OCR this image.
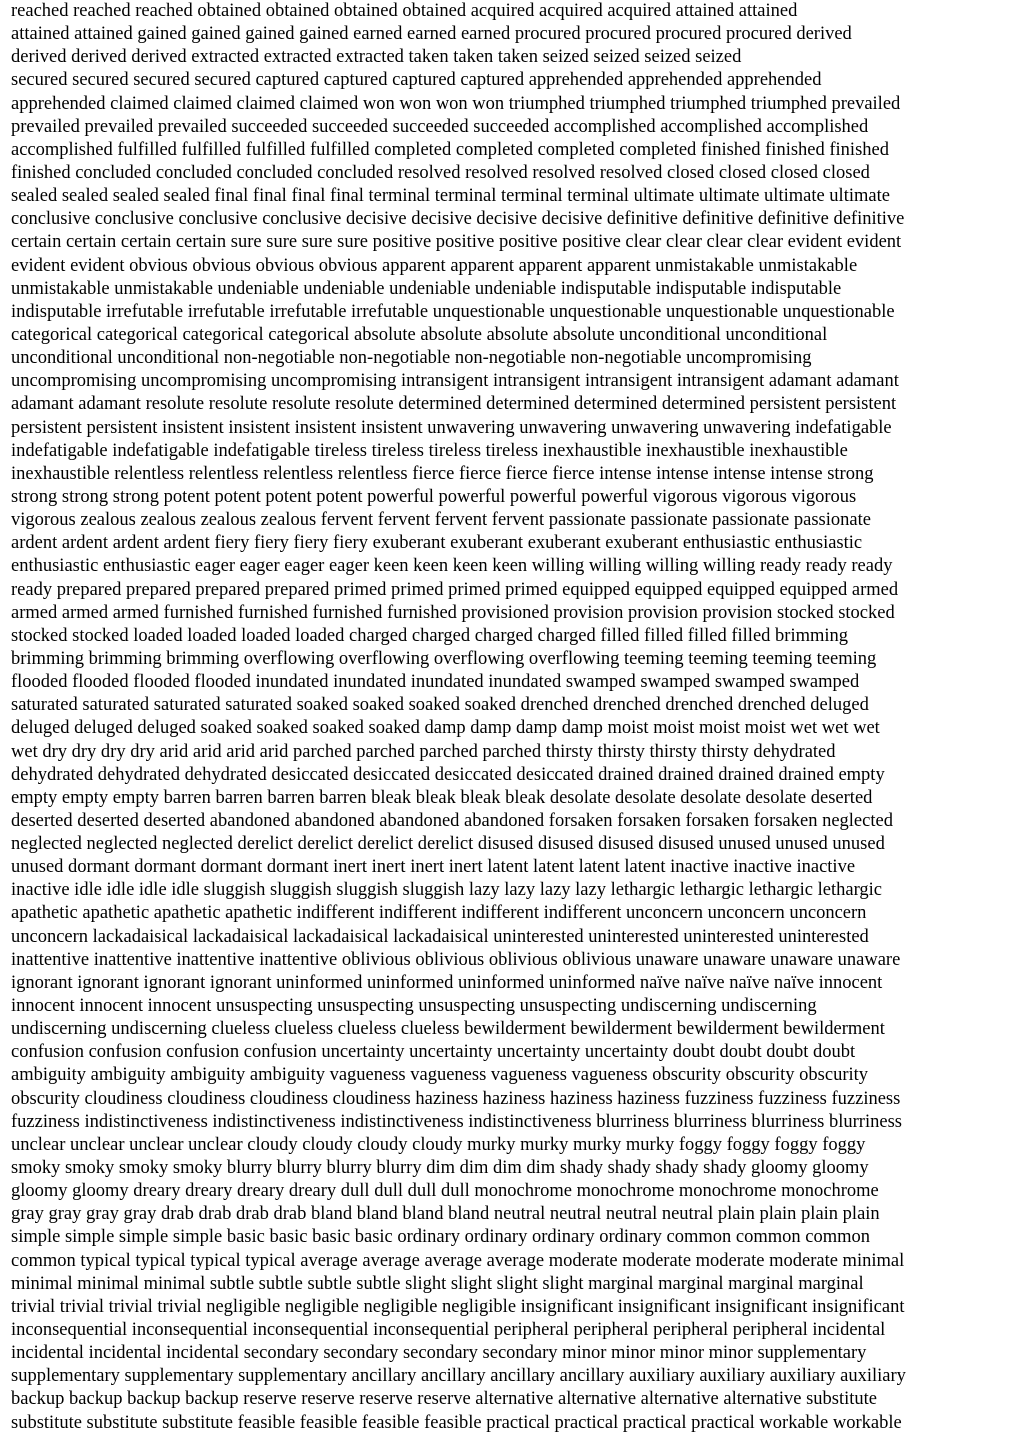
reached reached reached obtained obtained obtained obtained acquired acquired acquired attained attained
attained attained gained gained gained gained earned earned earned procured procured procured procured derived
derived derived derived extracted extracted extracted taken taken taken seized seized seized seized
secured secured secured secured captured captured captured captured apprehended apprehended apprehended
apprehended claimed claimed claimed claimed won won won won triumphed triumphed triumphed triumphed prevailed
prevailed prevailed prevailed succeeded succeeded succeeded succeeded accomplished accomplished accomplished
accomplished fulfilled fulfilled fulfilled fulfilled completed completed completed completed finished finished finished
finished concluded concluded concluded concluded resolved resolved resolved resolved closed closed closed closed
sealed sealed sealed sealed final final final final terminal terminal terminal terminal ultimate ultimate ultimate ultimate
conclusive conclusive conclusive conclusive decisive decisive decisive decisive definitive definitive definitive definitive
certain certain certain certain sure sure sure sure positive positive positive positive clear clear clear clear evident evident
evident evident obvious obvious obvious obvious apparent apparent apparent apparent unmistakable unmistakable
unmistakable unmistakable undeniable undeniable undeniable undeniable indisputable indisputable indisputable
indisputable irrefutable irrefutable irrefutable irrefutable unquestionable unquestionable unquestionable unquestionable
categorical categorical categorical categorical absolute absolute absolute absolute unconditional unconditional
unconditional unconditional non-negotiable non-negotiable non-negotiable non-negotiable uncompromising
uncompromising uncompromising uncompromising intransigent intransigent intransigent intransigent adamant adamant
adamant adamant resolute resolute resolute resolute determined determined determined determined persistent persistent
persistent persistent insistent insistent insistent insistent unwavering unwavering unwavering unwavering indefatigable
indefatigable indefatigable indefatigable tireless tireless tireless tireless inexhaustible inexhaustible inexhaustible
inexhaustible relentless relentless relentless relentless fierce fierce fierce fierce intense intense intense intense strong
strong strong strong potent potent potent potent powerful powerful powerful powerful vigorous vigorous vigorous
vigorous zealous zealous zealous zealous fervent fervent fervent fervent passionate passionate passionate passionate
ardent ardent ardent ardent fiery fiery fiery fiery exuberant exuberant exuberant exuberant enthusiastic enthusiastic
enthusiastic enthusiastic eager eager eager eager keen keen keen keen willing willing willing willing ready ready ready
ready prepared prepared prepared prepared primed primed primed primed equipped equipped equipped equipped armed
armed armed armed furnished furnished furnished furnished provisioned provision provision provision stocked stocked
stocked stocked loaded loaded loaded loaded charged charged charged charged filled filled filled filled brimming
brimming brimming brimming overflowing overflowing overflowing overflowing teeming teeming teeming teeming
flooded flooded flooded flooded inundated inundated inundated inundated swamped swamped swamped swamped
saturated saturated saturated saturated soaked soaked soaked soaked drenched drenched drenched drenched deluged
deluged deluged deluged soaked soaked soaked soaked damp damp damp damp moist moist moist moist wet wet wet
wet dry dry dry dry arid arid arid arid parched parched parched parched thirsty thirsty thirsty thirsty dehydrated
dehydrated dehydrated dehydrated desiccated desiccated desiccated desiccated drained drained drained drained empty
empty empty empty barren barren barren barren bleak bleak bleak bleak desolate desolate desolate desolate deserted
deserted deserted deserted abandoned abandoned abandoned abandoned forsaken forsaken forsaken forsaken neglected
neglected neglected neglected derelict derelict derelict derelict disused disused disused disused unused unused unused
unused dormant dormant dormant dormant inert inert inert inert latent latent latent latent inactive inactive inactive
inactive idle idle idle idle sluggish sluggish sluggish sluggish lazy lazy lazy lazy lethargic lethargic lethargic lethargic
apathetic apathetic apathetic apathetic indifferent indifferent indifferent indifferent unconcern unconcern unconcern
unconcern lackadaisical lackadaisical lackadaisical lackadaisical uninterested uninterested uninterested uninterested
inattentive inattentive inattentive inattentive oblivious oblivious oblivious oblivious unaware unaware unaware unaware
ignorant ignorant ignorant ignorant uninformed uninformed uninformed uninformed naïve naïve naïve naïve innocent
innocent innocent innocent unsuspecting unsuspecting unsuspecting unsuspecting undiscerning undiscerning
undiscerning undiscerning clueless clueless clueless clueless bewilderment bewilderment bewilderment bewilderment
confusion confusion confusion confusion uncertainty uncertainty uncertainty uncertainty doubt doubt doubt doubt
ambiguity ambiguity ambiguity ambiguity vagueness vagueness vagueness vagueness obscurity obscurity obscurity
obscurity cloudiness cloudiness cloudiness cloudiness haziness haziness haziness haziness fuzziness fuzziness fuzziness
fuzziness indistinctiveness indistinctiveness indistinctiveness indistinctiveness blurriness blurriness blurriness blurriness
unclear unclear unclear unclear cloudy cloudy cloudy cloudy murky murky murky murky foggy foggy foggy foggy
smoky smoky smoky smoky blurry blurry blurry blurry dim dim dim dim shady shady shady shady gloomy gloomy
gloomy gloomy dreary dreary dreary dreary dull dull dull dull monochrome monochrome monochrome monochrome
gray gray gray gray drab drab drab drab bland bland bland bland neutral neutral neutral neutral plain plain plain plain
simple simple simple simple basic basic basic basic ordinary ordinary ordinary ordinary common common common
common typical typical typical typical average average average average moderate moderate moderate moderate minimal
minimal minimal minimal subtle subtle subtle subtle slight slight slight slight marginal marginal marginal marginal
trivial trivial trivial trivial negligible negligible negligible negligible insignificant insignificant insignificant insignificant
inconsequential inconsequential inconsequential inconsequential peripheral peripheral peripheral peripheral incidental
incidental incidental incidental secondary secondary secondary secondary minor minor minor minor supplementary
supplementary supplementary supplementary ancillary ancillary ancillary ancillary auxiliary auxiliary auxiliary auxiliary
backup backup backup backup reserve reserve reserve reserve alternative alternative alternative alternative substitute
substitute substitute substitute feasible feasible feasible feasible practical practical practical practical workable workable
